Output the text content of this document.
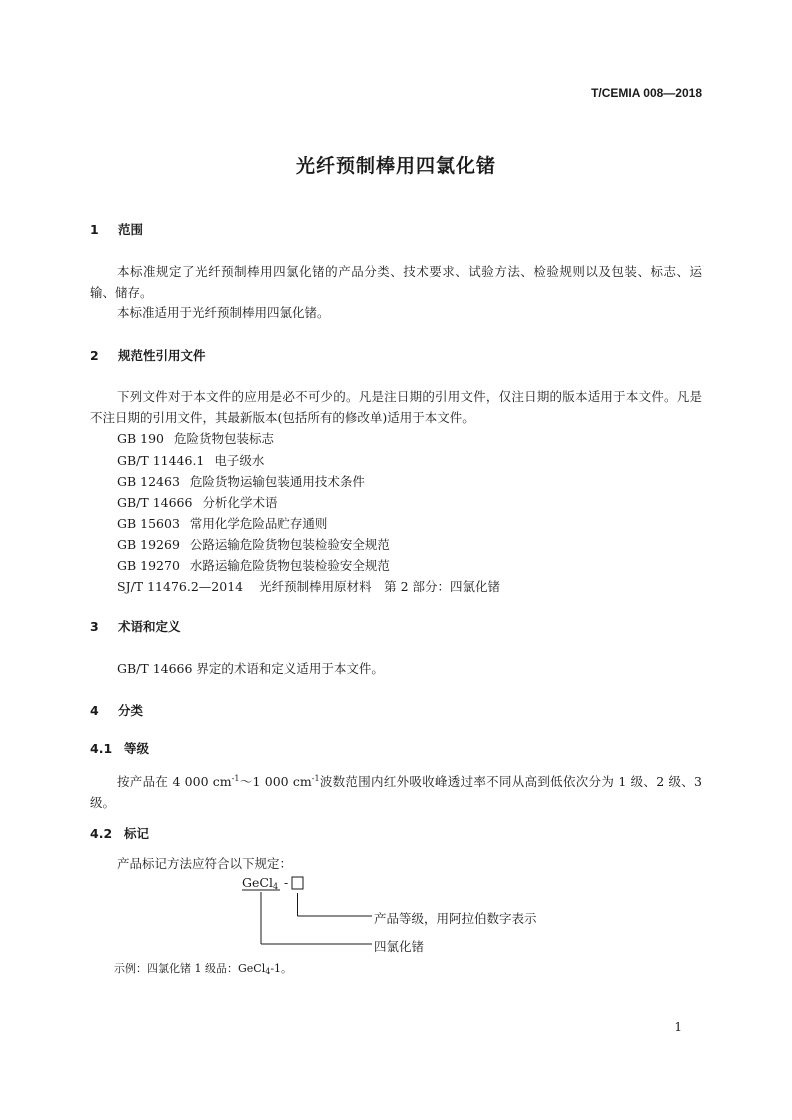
T/CEMIA 008—2018
光纤预制棒用四氯化锗
1 范围
本标准规定了光纤预制棒用四氯化锗的产品分类、技术要求、试验方法、检验规则以及包装、标志、运输、储存。
本标准适用于光纤预制棒用四氯化锗。
2 规范性引用文件
下列文件对于本文件的应用是必不可少的。凡是注日期的引用文件，仅注日期的版本适用于本文件。凡是不注日期的引用文件，其最新版本(包括所有的修改单)适用于本文件。
GB 190 危险货物包装标志
GB/T 11446.1 电子级水
GB 12463 危险货物运输包装通用技术条件
GB/T 14666 分析化学术语
GB 15603 常用化学危险品贮存通则
GB 19269 公路运输危险货物包装检验安全规范
GB 19270 水路运输危险货物包装检验安全规范
SJ/T 11476.2—2014 光纤预制棒用原材料　第 2 部分：四氯化锗
3 术语和定义
GB/T 14666 界定的术语和定义适用于本文件。
4 分类
4.1 等级
按产品在 4 000 $cm^{-1}\sim 1$ 000 $cm^{-1}$波数范围内红外吸收峰透过率不同从高到低依次分为 1 级、2 级、3 级。
4.2 标记
产品标记方法应符合以下规定：
GeCl$_4$ -
产品等级，用阿拉伯数字表示
四氯化锗
示例：四氯化锗 1 级品：GeCl$_4$-1。
1
